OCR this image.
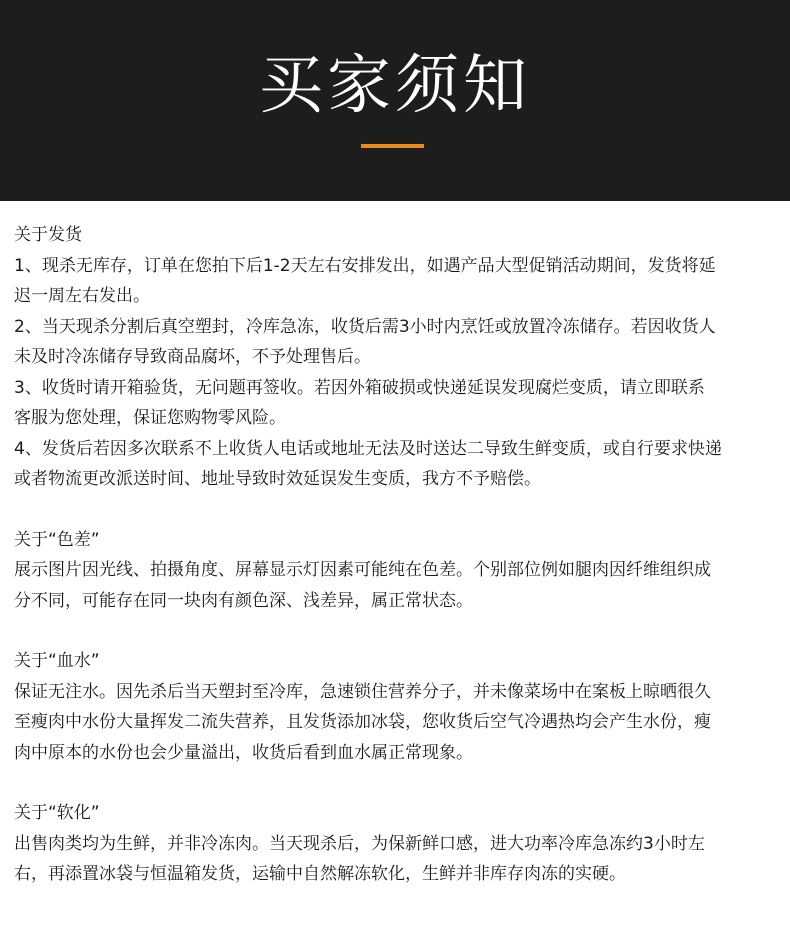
买家须知

关于发货

1、现杀无库存，订单在您拍下后1-2天左右安排发出，如遇产品大型促销活动期间，发货将延

迟一周左右发出。

2、当天现杀分割后真空塑封，冷库急冻，收货后需3小时内烹饪或放置冷冻储存。若因收货人

未及时冷冻储存导致商品腐坏，不予处理售后。

3、收货时请开箱验货，无问题再签收。若因外箱破损或快递延误发现腐烂变质，请立即联系

客服为您处理，保证您购物零风险。

4、发货后若因多次联系不上收货人电话或地址无法及时送达二导致生鲜变质，或自行要求快递

或者物流更改派送时间、地址导致时效延误发生变质，我方不予赔偿。

关于“色差”

展示图片因光线、拍摄角度、屏幕显示灯因素可能纯在色差。个别部位例如腿肉因纤维组织成

分不同，可能存在同一块肉有颜色深、浅差异，属正常状态。

关于“血水”

保证无注水。因先杀后当天塑封至冷库，急速锁住营养分子，并未像菜场中在案板上晾晒很久

至瘦肉中水份大量挥发二流失营养，且发货添加冰袋，您收货后空气冷遇热均会产生水份，瘦

肉中原本的水份也会少量溢出，收货后看到血水属正常现象。

关于“软化”

出售肉类均为生鲜，并非冷冻肉。当天现杀后，为保新鲜口感，进大功率冷库急冻约3小时左

右，再添置冰袋与恒温箱发货，运输中自然解冻软化，生鲜并非库存肉冻的实硬。
